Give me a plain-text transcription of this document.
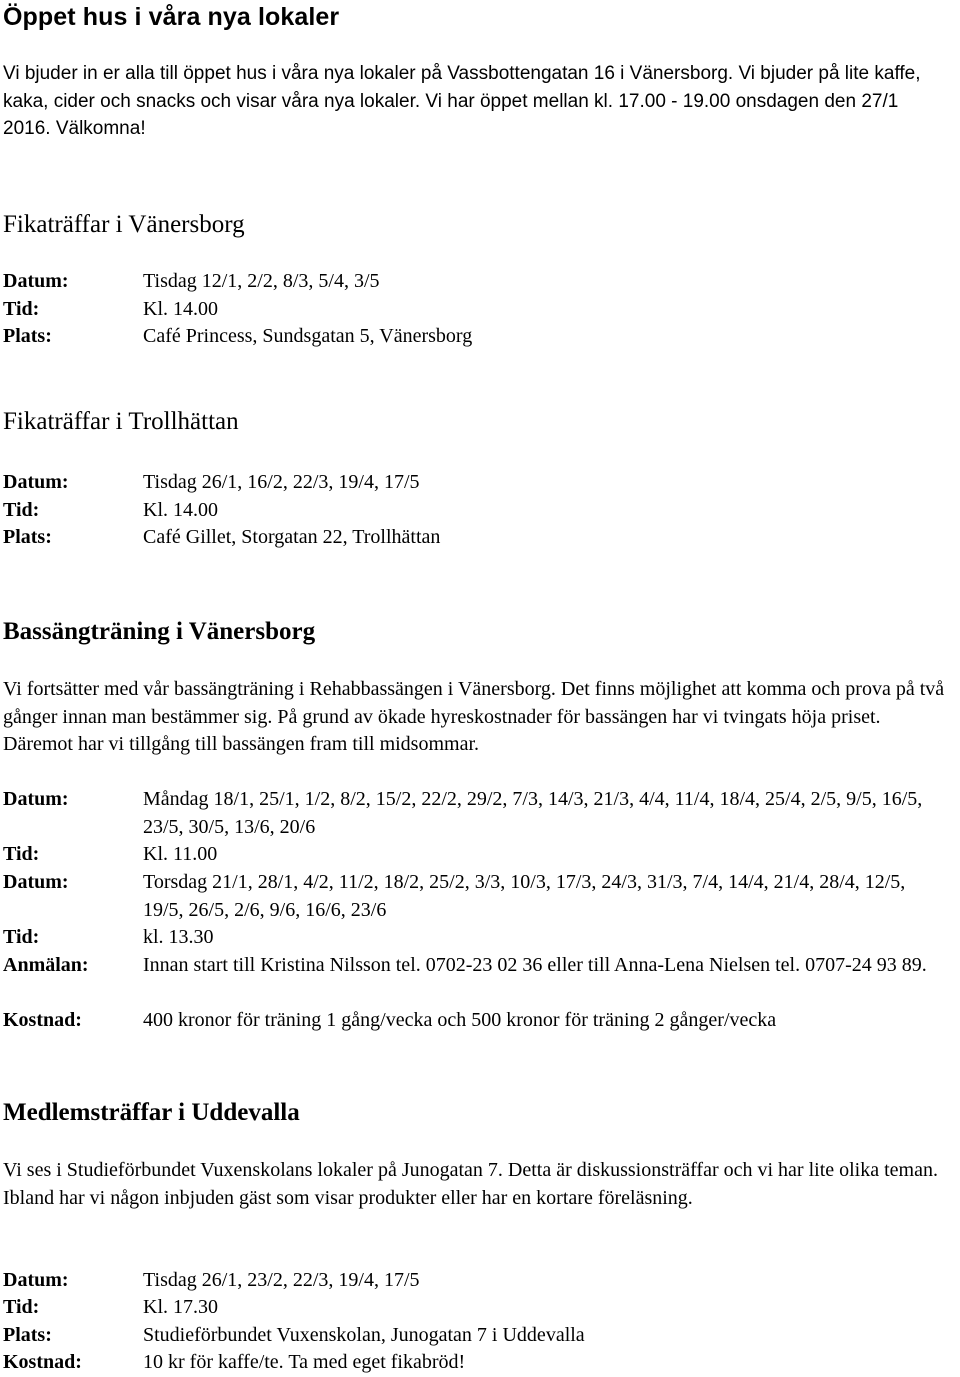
Öppet hus i våra nya lokaler

Vi bjuder in er alla till öppet hus i våra nya lokaler på Vassbottengatan 16 i Vänersborg. Vi bjuder på lite kaffe, kaka, cider och snacks och visar våra nya lokaler. Vi har öppet mellan kl. 17.00 - 19.00 onsdagen den 27/1 2016. Välkomna!

Fikaträffar i Vänersborg
Datum:	Tisdag 12/1, 2/2, 8/3, 5/4, 3/5
Tid:	Kl. 14.00
Plats:	Café Princess, Sundsgatan 5, Vänersborg
Fikaträffar i Trollhättan
Datum:	Tisdag 26/1, 16/2, 22/3, 19/4, 17/5
Tid:	Kl. 14.00
Plats:	Café Gillet, Storgatan 22, Trollhättan
Bassängträning i Vänersborg

Vi fortsätter med vår bassängträning i Rehabbassängen i Vänersborg. Det finns möjlighet att komma och prova på två gånger innan man bestämmer sig. På grund av ökade hyreskostnader för bassängen har vi tvingats höja priset. Däremot har vi tillgång till bassängen fram till midsommar.

Datum:	Måndag 18/1, 25/1, 1/2, 8/2, 15/2, 22/2, 29/2, 7/3, 14/3, 21/3, 4/4, 11/4, 18/4, 25/4, 2/5, 9/5, 16/5, 23/5, 30/5, 13/6, 20/6
Tid:	Kl. 11.00
Datum:	Torsdag 21/1, 28/1, 4/2, 11/2, 18/2, 25/2, 3/3, 10/3, 17/3, 24/3, 31/3, 7/4, 14/4, 21/4, 28/4, 12/5, 19/5, 26/5, 2/6, 9/6, 16/6, 23/6
Tid:	kl. 13.30
Anmälan:	Innan start till Kristina Nilsson tel. 0702-23 02 36 eller till Anna-Lena Nielsen tel. 0707-24 93 89.
Kostnad:	400 kronor för träning 1 gång/vecka och 500 kronor för träning 2 gånger/vecka
Medlemsträffar i Uddevalla

Vi ses i Studieförbundet Vuxenskolans lokaler på Junogatan 7. Detta är diskussionsträffar och vi har lite olika teman. Ibland har vi någon inbjuden gäst som visar produkter eller har en kortare föreläsning.

Datum:	Tisdag 26/1, 23/2, 22/3, 19/4, 17/5
Tid:	Kl. 17.30
Plats:	Studieförbundet Vuxenskolan, Junogatan 7 i Uddevalla
Kostnad:	10 kr för kaffe/te. Ta med eget fikabröd!
